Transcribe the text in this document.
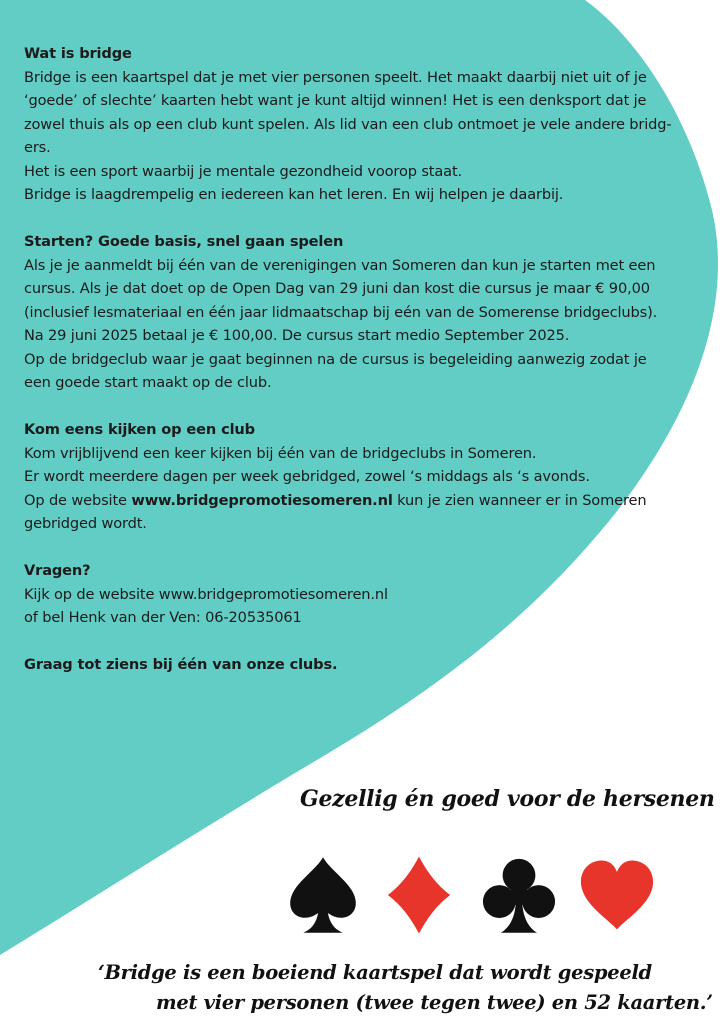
Wat is bridge
Bridge is een kaartspel dat je met vier personen speelt. Het maakt daarbij niet uit of je
‘goede’ of slechte’ kaarten hebt want je kunt altijd winnen! Het is een denksport dat je
zowel thuis als op een club kunt spelen. Als lid van een club ontmoet je vele andere bridg-
ers.
Het is een sport waarbij je mentale gezondheid voorop staat.
Bridge is laagdrempelig en iedereen kan het leren. En wij helpen je daarbij.
Starten? Goede basis, snel gaan spelen
Als je je aanmeldt bij één van de verenigingen van Someren dan kun je starten met een
cursus. Als je dat doet op de Open Dag van 29 juni dan kost die cursus je maar € 90,00
(inclusief lesmateriaal en één jaar lidmaatschap bij eén van de Somerense bridgeclubs).
Na 29 juni 2025 betaal je € 100,00. De cursus start medio September 2025.
Op de bridgeclub waar je gaat beginnen na de cursus is begeleiding aanwezig zodat je
een goede start maakt op de club.
Kom eens kijken op een club
Kom vrijblijvend een keer kijken bij één van de bridgeclubs in Someren.
Er wordt meerdere dagen per week gebridged, zowel ‘s middags als ‘s avonds.
Op de website www.bridgepromotiesomeren.nl kun je zien wanneer er in Someren
gebridged wordt.
Vragen?
Kijk op de website www.bridgepromotiesomeren.nl
of bel Henk van der Ven: 06-20535061
Graag tot ziens bij één van onze clubs.
Gezellig én goed voor de hersenen
‘Bridge is een boeiend kaartspel dat wordt gespeeld
met vier personen (twee tegen twee) en 52 kaarten.’
